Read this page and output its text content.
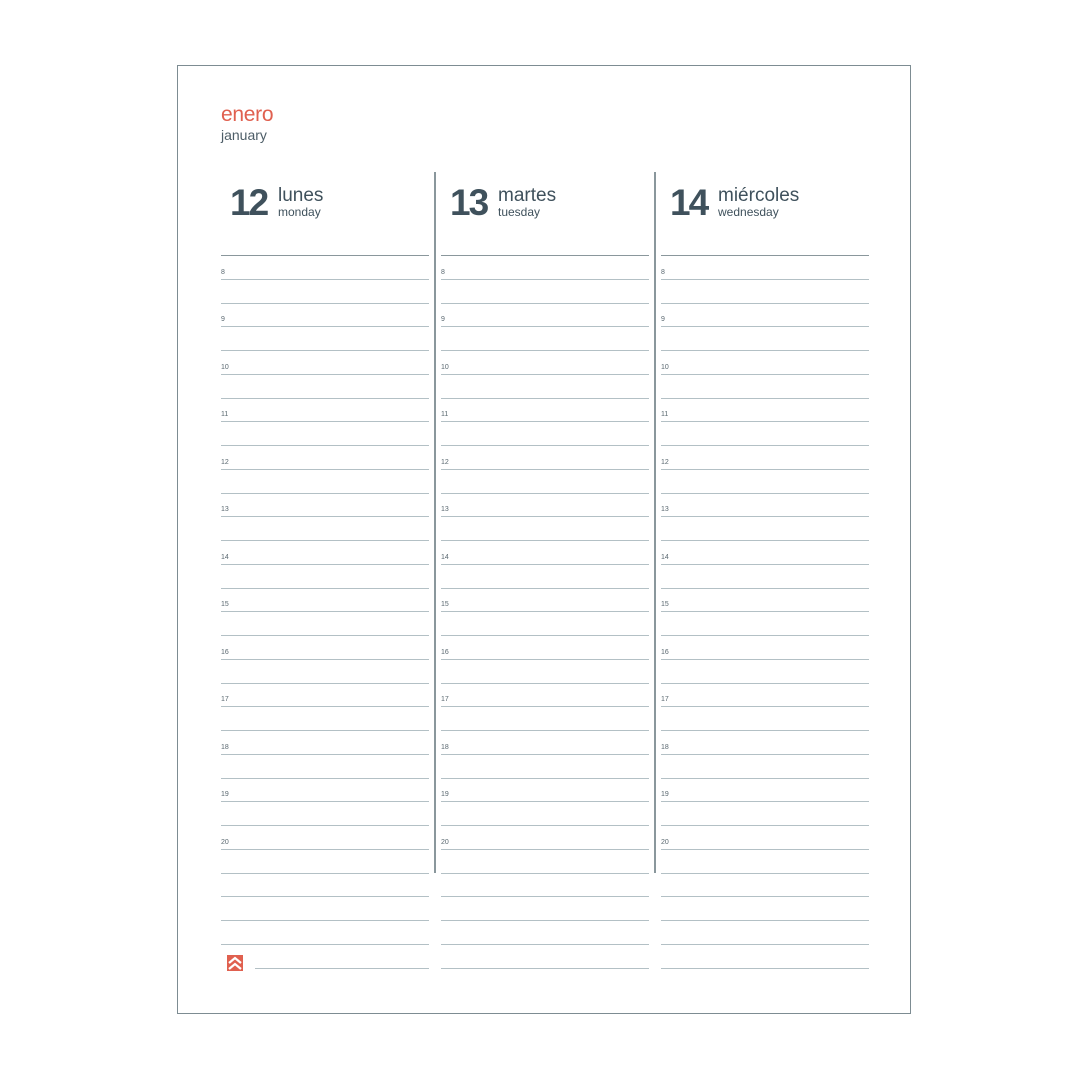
enero
january
12 lunes
monday
8
9
10
11
12
13
14
15
16
17
18
19
20
13 martes
tuesday
8
9
10
11
12
13
14
15
16
17
18
19
20
14 miércoles
wednesday
8
9
10
11
12
13
14
15
16
17
18
19
20
